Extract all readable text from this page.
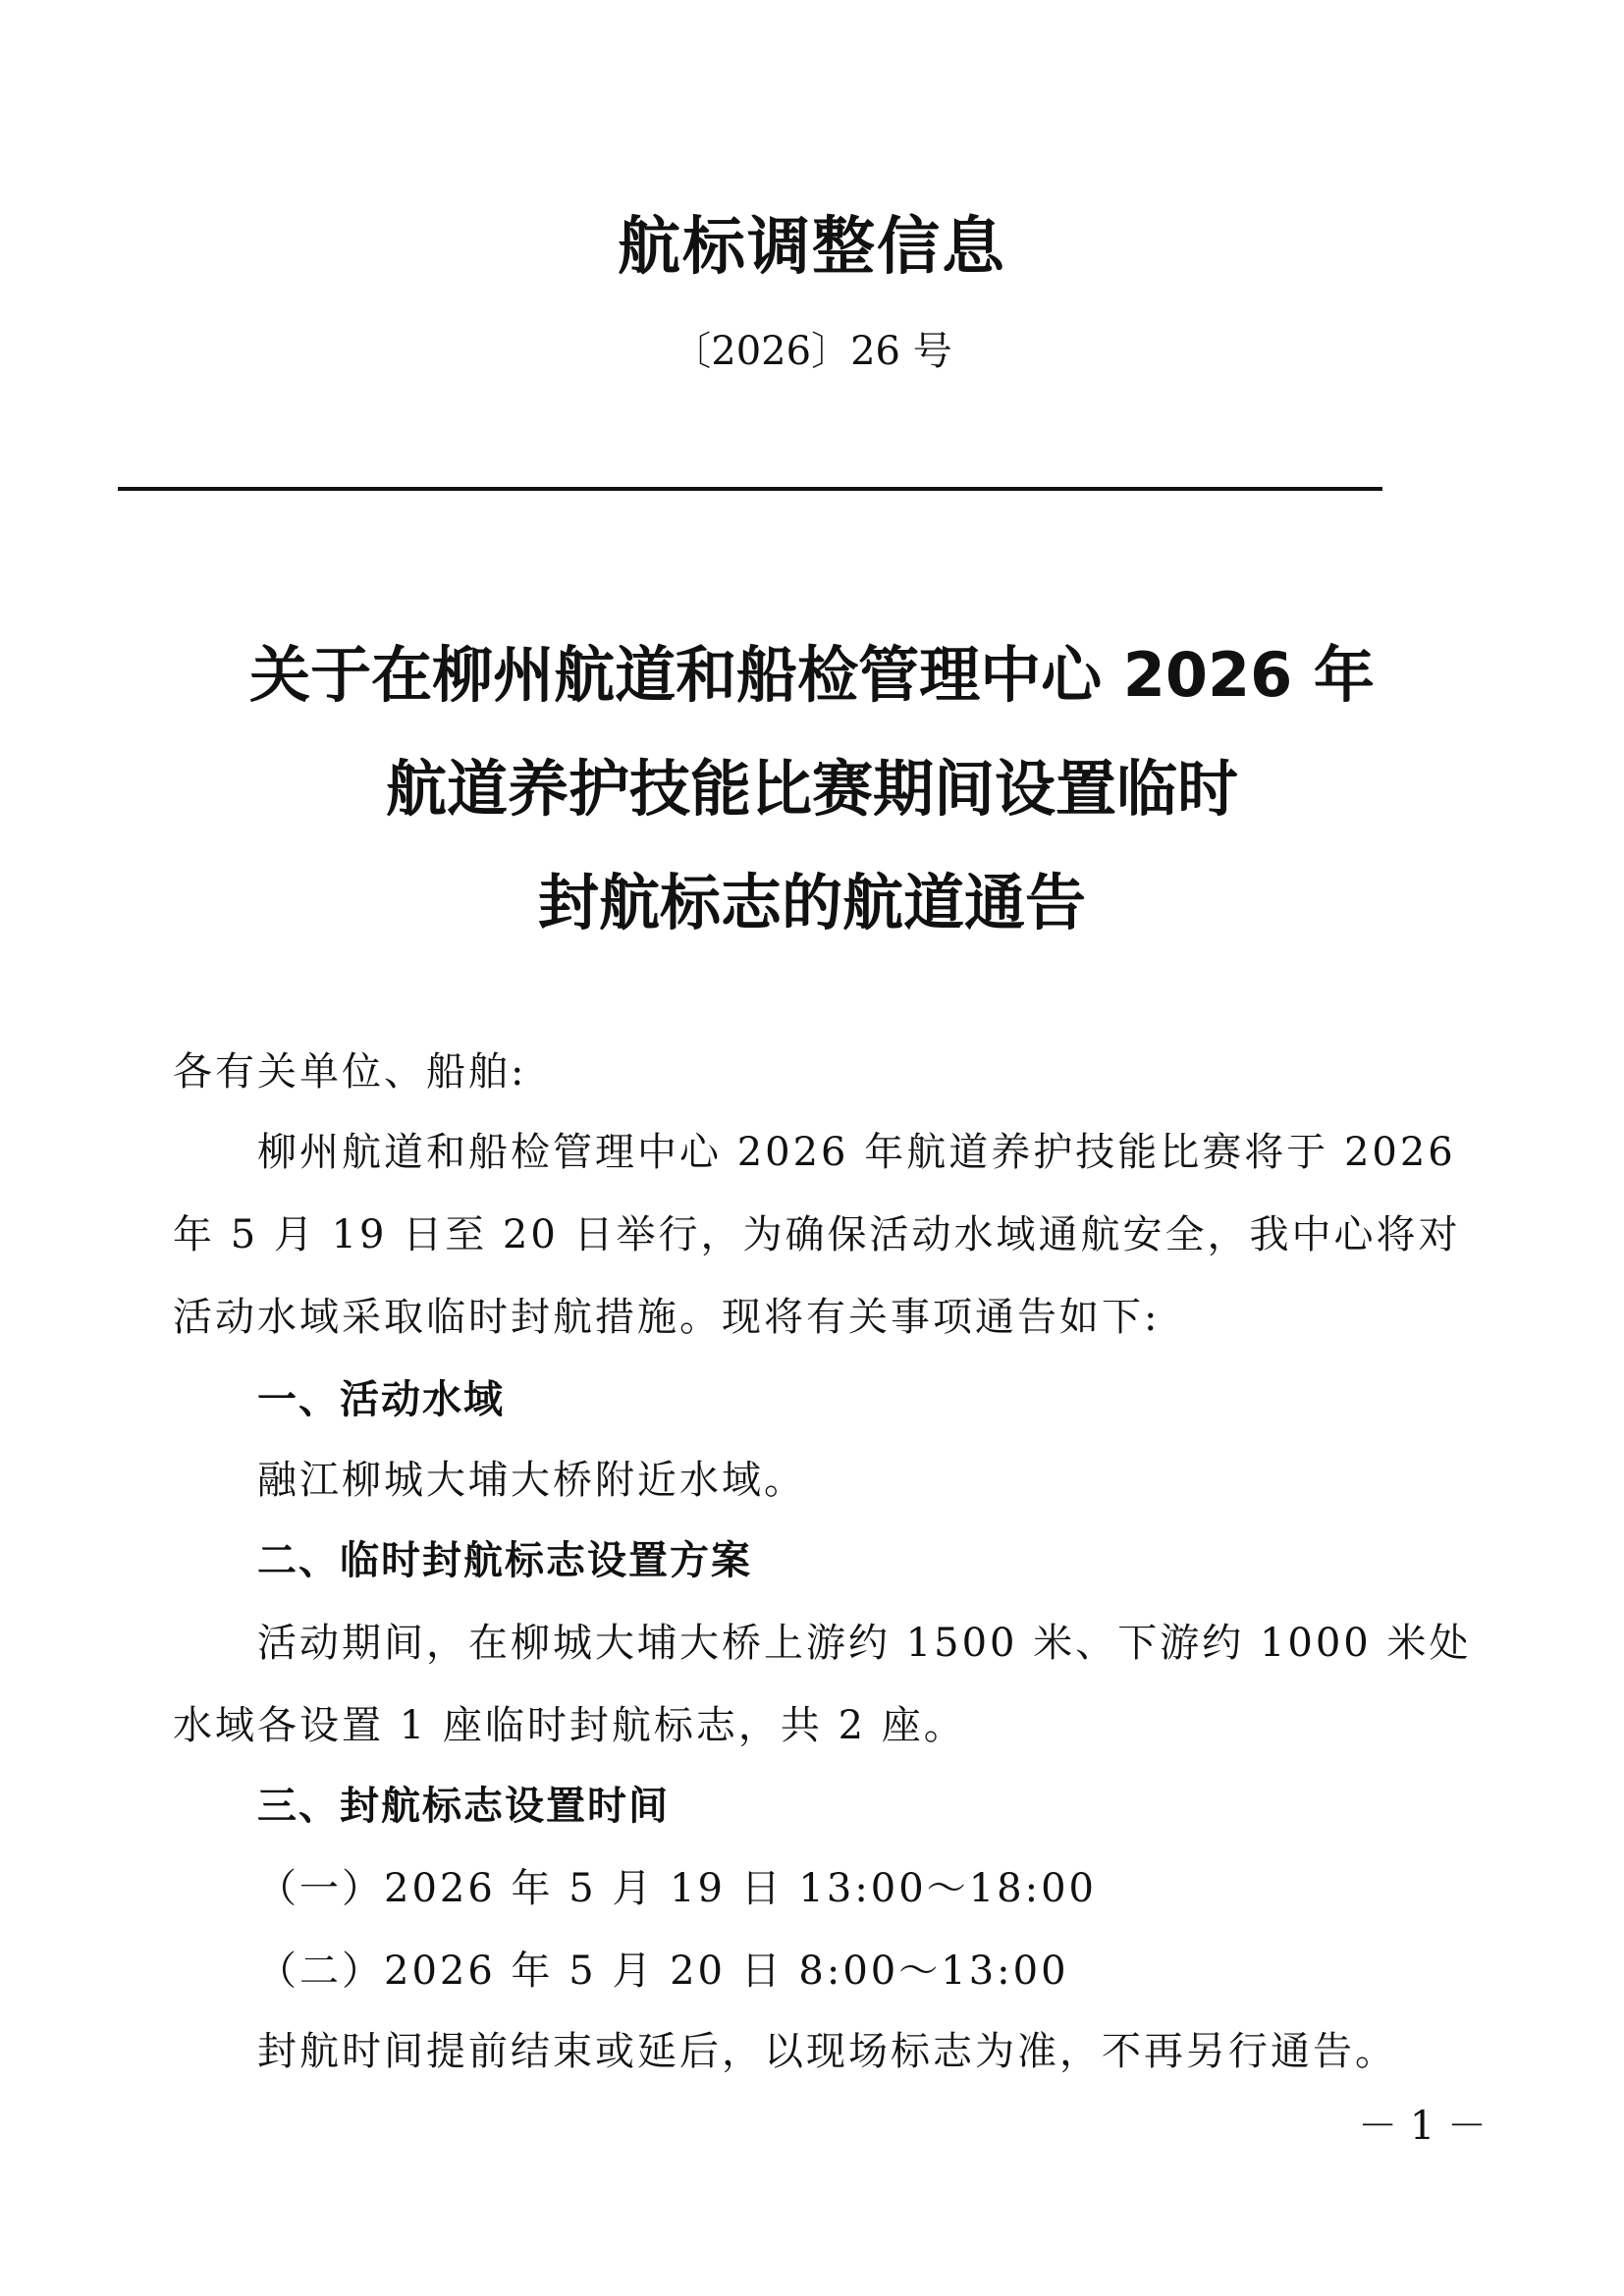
航标调整信息
〔2026〕26 号
关于在柳州航道和船检管理中心 2026 年
航道养护技能比赛期间设置临时
封航标志的航道通告
各有关单位、船舶:
柳州航道和船检管理中心 2026 年航道养护技能比赛将于 2026
年 5 月 19 日至 20 日举行，为确保活动水域通航安全，我中心将对
活动水域采取临时封航措施。现将有关事项通告如下:
一、活动水域
融江柳城大埔大桥附近水域。
二、临时封航标志设置方案
活动期间，在柳城大埔大桥上游约 1500 米、下游约 1000 米处
水域各设置 1 座临时封航标志，共 2 座。
三、封航标志设置时间
（一）2026 年 5 月 19 日 13:00～18:00
（二）2026 年 5 月 20 日 8:00～13:00
封航时间提前结束或延后，以现场标志为准，不再另行通告。
－ 1 －
